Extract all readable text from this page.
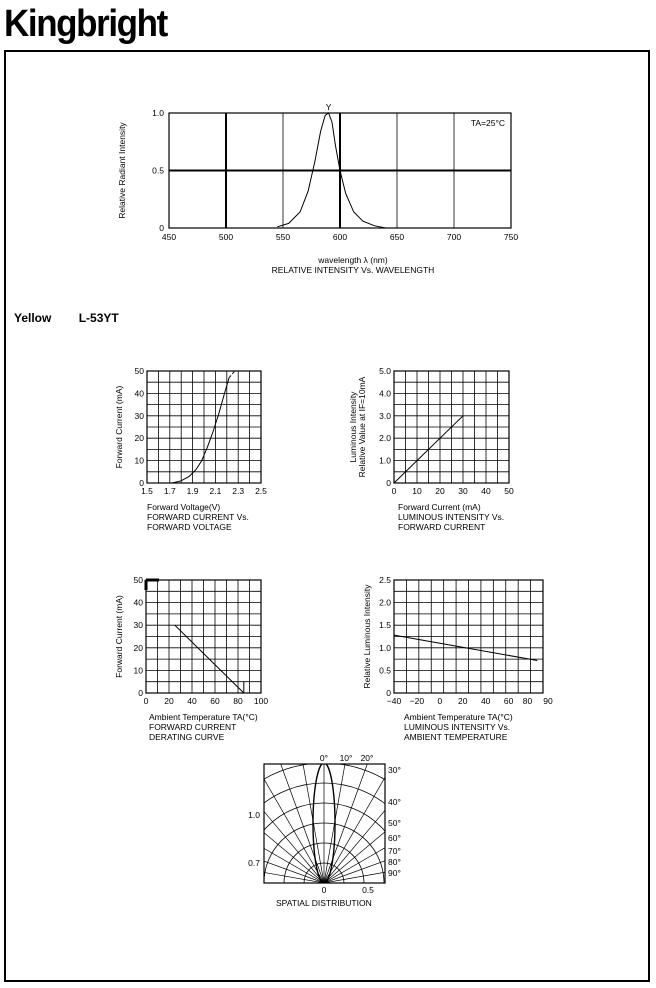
Kingbright
Yellow L-53YT
450	500	550	600	650	700	750
0
0.5
1.0
Y
TA=25°C
Relative Radiant Intensity
1.5 1.7 1.9 2.1 2.3 2.5
0
10
20
30
40
50
Forward Current (mA)
0 10 20 30 40 50
0
1.0
2.0
3.0
4.0
5.0
Luminous Intensity Relative Value at IF=10mA
0 20 40 60 80 100
0
10
20
30
40
50
Forward Current (mA)
−40 −20 0 20 40 60 80 90
0
0.5
1.0
1.5
2.0
2.5
Relative Luminous Intensity
0° 10° 20°
30°
40°
50°
60°
70°
80°
90°
1.0
0.7
0	0.5
wavelength λ (nm)
RELATIVE INTENSITY Vs. WAVELENGTH
Forward Voltage(V)
FORWARD CURRENT Vs.
FORWARD VOLTAGE
Forward Current (mA)
LUMINOUS INTENSITY Vs.
FORWARD CURRENT
Ambient Temperature TA(°C)
FORWARD CURRENT
DERATING CURVE
Ambient Temperature TA(°C)
LUMINOUS INTENSITY Vs.
AMBIENT TEMPERATURE
SPATIAL DISTRIBUTION
